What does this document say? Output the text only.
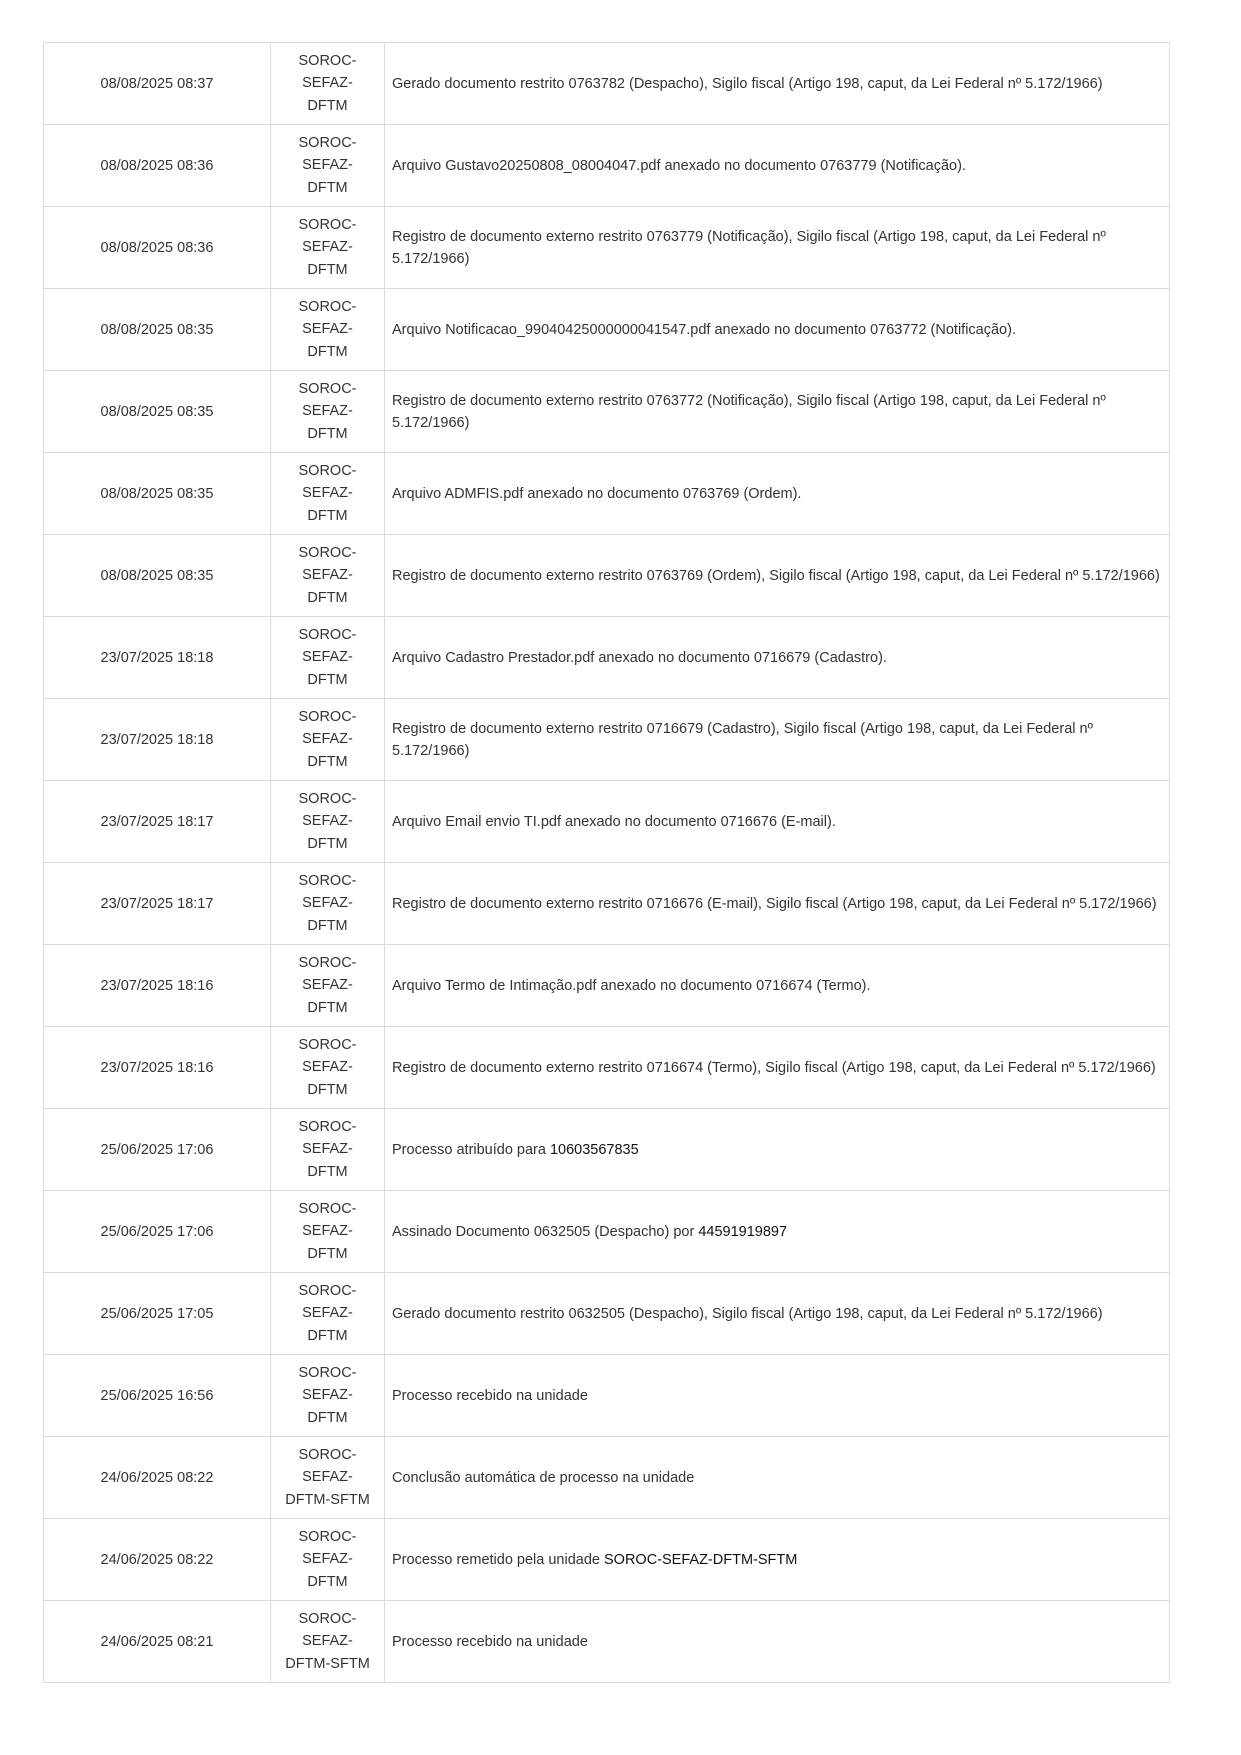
08/08/2025 08:37	SOROC-
SEFAZ-
DFTM	Gerado documento restrito 0763782 (Despacho), Sigilo fiscal (Artigo 198, caput, da Lei Federal nº 5.172/1966)
08/08/2025 08:36	SOROC-
SEFAZ-
DFTM	Arquivo Gustavo20250808_08004047.pdf anexado no documento 0763779 (Notificação).
08/08/2025 08:36	SOROC-
SEFAZ-
DFTM	Registro de documento externo restrito 0763779 (Notificação), Sigilo fiscal (Artigo 198, caput, da Lei Federal nº 5.172/1966)
08/08/2025 08:35	SOROC-
SEFAZ-
DFTM	Arquivo Notificacao_99040425000000041547.pdf anexado no documento 0763772 (Notificação).
08/08/2025 08:35	SOROC-
SEFAZ-
DFTM	Registro de documento externo restrito 0763772 (Notificação), Sigilo fiscal (Artigo 198, caput, da Lei Federal nº 5.172/1966)
08/08/2025 08:35	SOROC-
SEFAZ-
DFTM	Arquivo ADMFIS.pdf anexado no documento 0763769 (Ordem).
08/08/2025 08:35	SOROC-
SEFAZ-
DFTM	Registro de documento externo restrito 0763769 (Ordem), Sigilo fiscal (Artigo 198, caput, da Lei Federal nº 5.172/1966)
23/07/2025 18:18	SOROC-
SEFAZ-
DFTM	Arquivo Cadastro Prestador.pdf anexado no documento 0716679 (Cadastro).
23/07/2025 18:18	SOROC-
SEFAZ-
DFTM	Registro de documento externo restrito 0716679 (Cadastro), Sigilo fiscal (Artigo 198, caput, da Lei Federal nº 5.172/1966)
23/07/2025 18:17	SOROC-
SEFAZ-
DFTM	Arquivo Email envio TI.pdf anexado no documento 0716676 (E-mail).
23/07/2025 18:17	SOROC-
SEFAZ-
DFTM	Registro de documento externo restrito 0716676 (E-mail), Sigilo fiscal (Artigo 198, caput, da Lei Federal nº 5.172/1966)
23/07/2025 18:16	SOROC-
SEFAZ-
DFTM	Arquivo Termo de Intimação.pdf anexado no documento 0716674 (Termo).
23/07/2025 18:16	SOROC-
SEFAZ-
DFTM	Registro de documento externo restrito 0716674 (Termo), Sigilo fiscal (Artigo 198, caput, da Lei Federal nº 5.172/1966)
25/06/2025 17:06	SOROC-
SEFAZ-
DFTM	Processo atribuído para 10603567835
25/06/2025 17:06	SOROC-
SEFAZ-
DFTM	Assinado Documento 0632505 (Despacho) por 44591919897
25/06/2025 17:05	SOROC-
SEFAZ-
DFTM	Gerado documento restrito 0632505 (Despacho), Sigilo fiscal (Artigo 198, caput, da Lei Federal nº 5.172/1966)
25/06/2025 16:56	SOROC-
SEFAZ-
DFTM	Processo recebido na unidade
24/06/2025 08:22	SOROC-
SEFAZ-
DFTM-SFTM	Conclusão automática de processo na unidade
24/06/2025 08:22	SOROC-
SEFAZ-
DFTM	Processo remetido pela unidade SOROC-SEFAZ-DFTM-SFTM
24/06/2025 08:21	SOROC-
SEFAZ-
DFTM-SFTM	Processo recebido na unidade
